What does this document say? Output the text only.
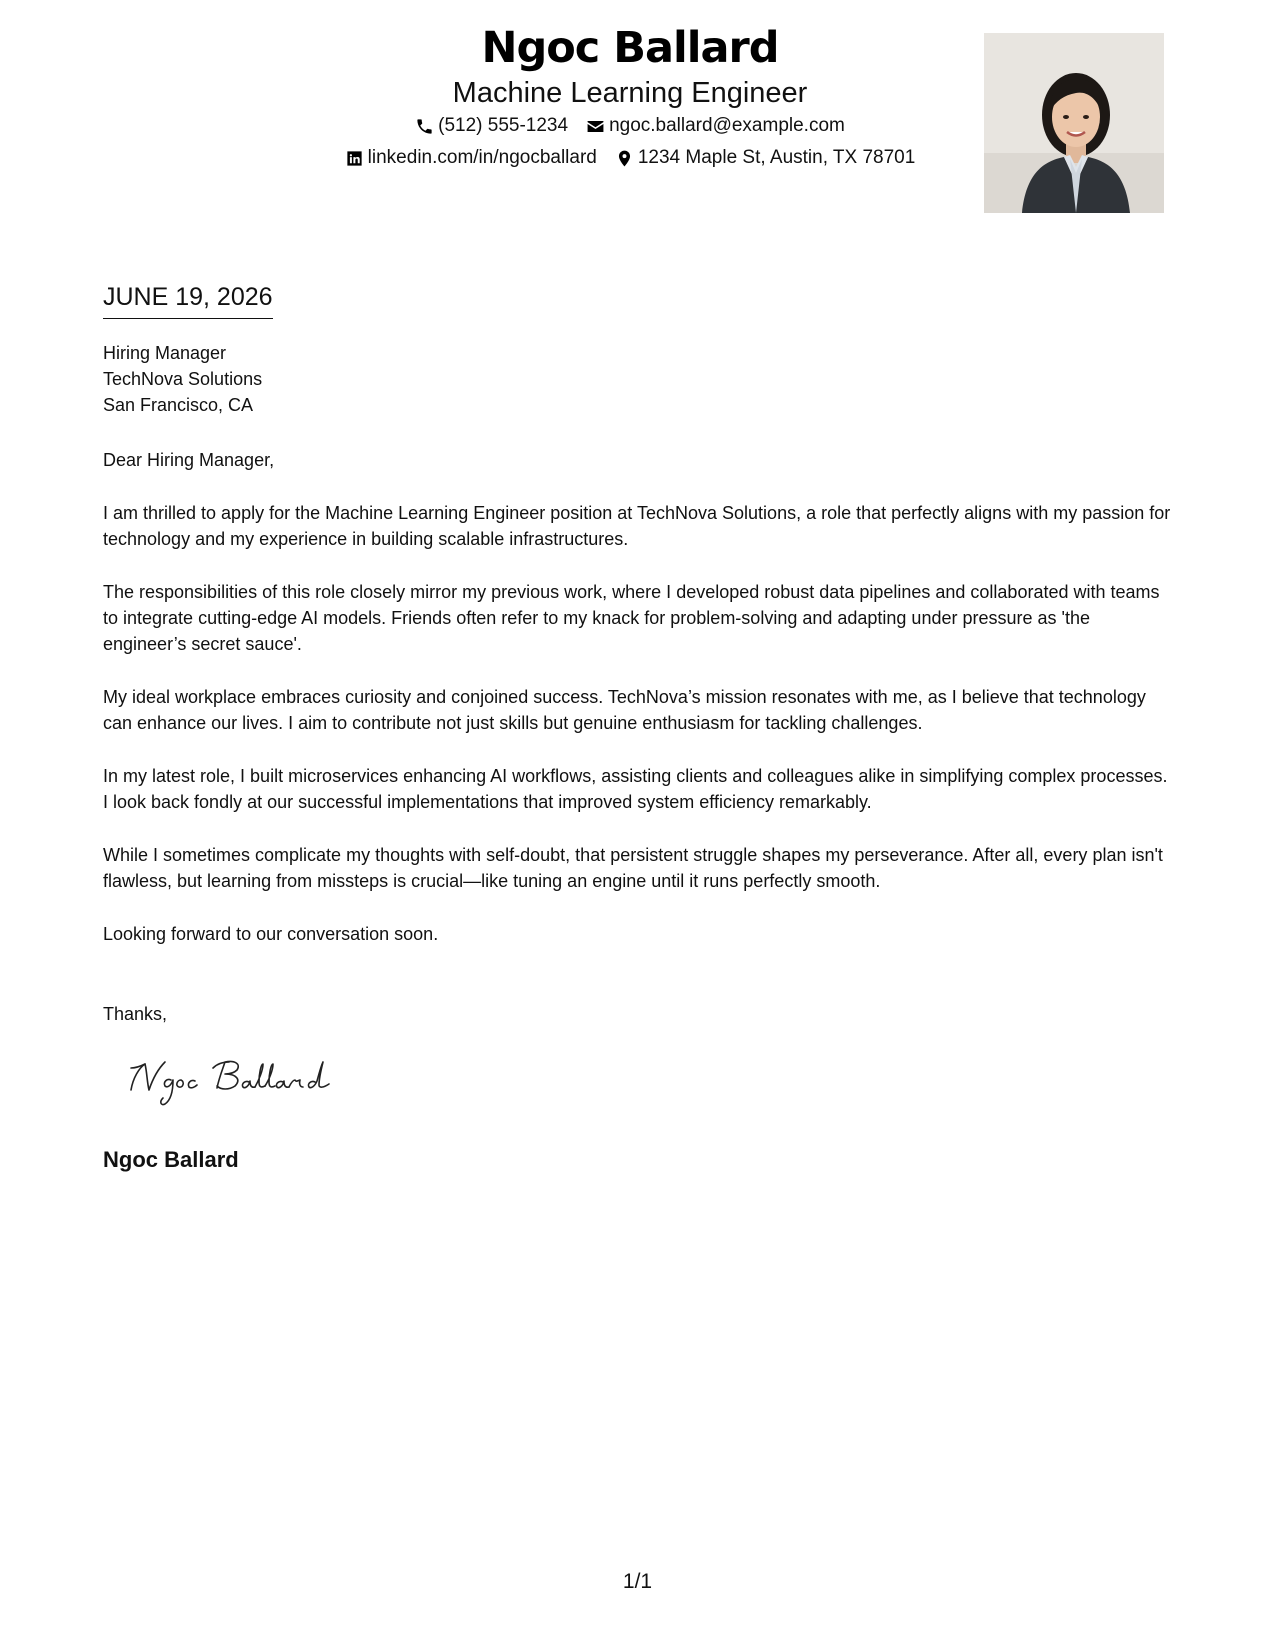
Ngoc Ballard
Machine Learning Engineer
(512) 555-1234 ngoc.ballard@example.com
linkedin.com/in/ngocballard 1234 Maple St, Austin, TX 78701
JUNE 19, 2026
Hiring Manager
TechNova Solutions
San Francisco, CA

Dear Hiring Manager,

I am thrilled to apply for the Machine Learning Engineer position at TechNova Solutions, a role that perfectly aligns with my passion for technology and my experience in building scalable infrastructures.

The responsibilities of this role closely mirror my previous work, where I developed robust data pipelines and collaborated with teams to integrate cutting-edge AI models. Friends often refer to my knack for problem-solving and adapting under pressure as 'the engineer’s secret sauce'.

My ideal workplace embraces curiosity and conjoined success. TechNova’s mission resonates with me, as I believe that technology can enhance our lives. I aim to contribute not just skills but genuine enthusiasm for tackling challenges.

In my latest role, I built microservices enhancing AI workflows, assisting clients and colleagues alike in simplifying complex processes. I look back fondly at our successful implementations that improved system efficiency remarkably.

While I sometimes complicate my thoughts with self-doubt, that persistent struggle shapes my perseverance. After all, every plan isn't flawless, but learning from missteps is crucial—like tuning an engine until it runs perfectly smooth.

Looking forward to our conversation soon.

Thanks,
Ngoc Ballard
1/1
